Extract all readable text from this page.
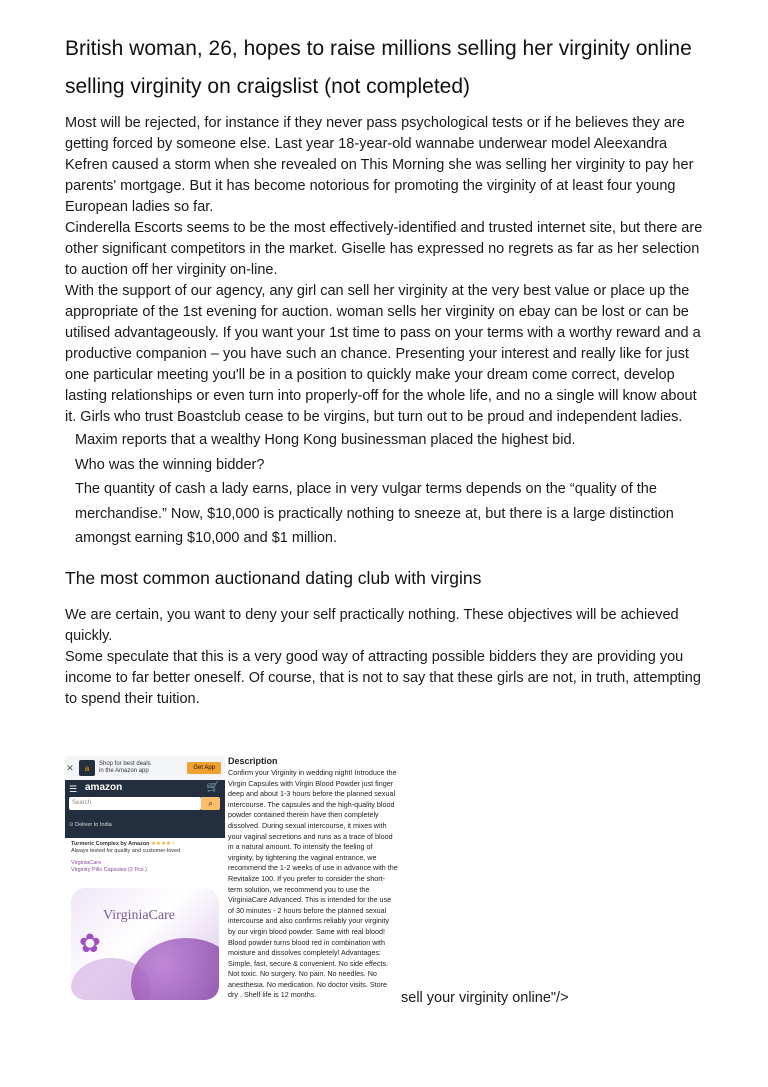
British woman, 26, hopes to raise millions selling her virginity online
selling virginity on craigslist (not completed)

Most will be rejected, for instance if they never pass psychological tests or if he believes they are getting forced by someone else. Last year 18-year-old wannabe underwear model Aleexandra Kefren caused a storm when she revealed on This Morning she was selling her virginity to pay her parents' mortgage. But it has become notorious for promoting the virginity of at least four young European ladies so far.

Cinderella Escorts seems to be the most effectively-identified and trusted internet site, but there are other significant competitors in the market. Giselle has expressed no regrets as far as her selection to auction off her virginity on-line.

With the support of our agency, any girl can sell her virginity at the very best value or place up the appropriate of the 1st evening for auction. woman sells her virginity on ebay can be lost or can be utilised advantageously. If you want your 1st time to pass on your terms with a worthy reward and a productive companion – you have such an chance. Presenting your interest and really like for just one particular meeting you'll be in a position to quickly make your dream come correct, develop lasting relationships or even turn into properly-off for the whole life, and no a single will know about it. Girls who trust Boastclub cease to be virgins, but turn out to be proud and independent ladies.

Maxim reports that a wealthy Hong Kong businessman placed the highest bid.

Who was the winning bidder?

The quantity of cash a lady earns, place in very vulgar terms depends on the “quality of the merchandise.” Now, $10,000 is practically nothing to sneeze at, but there is a large distinction amongst earning $10,000 and $1 million.

The most common auctionand dating club with virgins

We are certain, you want to deny your self practically nothing. These objectives will be achieved quickly.

Some speculate that this is a very good way of attracting possible bidders they are providing you income to far better oneself. Of course, that is not to say that these girls are not, in truth, attempting to spend their tuition.

✕	a	Shop for best deals
in the Amazon app	Get App
☰ amazon	🛒
Search	⌕
⊙ Deliver to India
Turmeric Complex by Amazon ★★★★☆
Always tested for quality and customer-loved
VirginiaCare
Virginity Pills Capsules (2 Pcs.)
✿
VirginiaCare
Description
Confirm your Virginity in wedding night! Introduce the Virgin Capsules with Virgin Blood Powder just finger deep and about 1-3 hours before the planned sexual intercourse. The capsules and the high-quality blood powder contained therein have then completely dissolved. During sexual intercourse, it mixes with your vaginal secretions and runs as a trace of blood in a natural amount. To intensify the feeling of virginity, by tightening the vaginal entrance, we recommend the 1-2 weeks of use in advance with the Revitalize 100. If you prefer to consider the short-term solution, we recommend you to use the VirginiaCare Advanced. This is intended for the use of 30 minutes - 2 hours before the planned sexual intercourse and also confirms reliably your virginity by our virgin blood powder. Same with real blood! Blood powder turns blood red in combination with moisture and dissolves completely! Advantages: Simple, fast, secure & convenient. No side effects. Not toxic. No surgery. No pain. No needles. No anesthesia. No medication. No doctor visits. Store dry . Shelf life is 12 months.	sell your virginity online"/>
